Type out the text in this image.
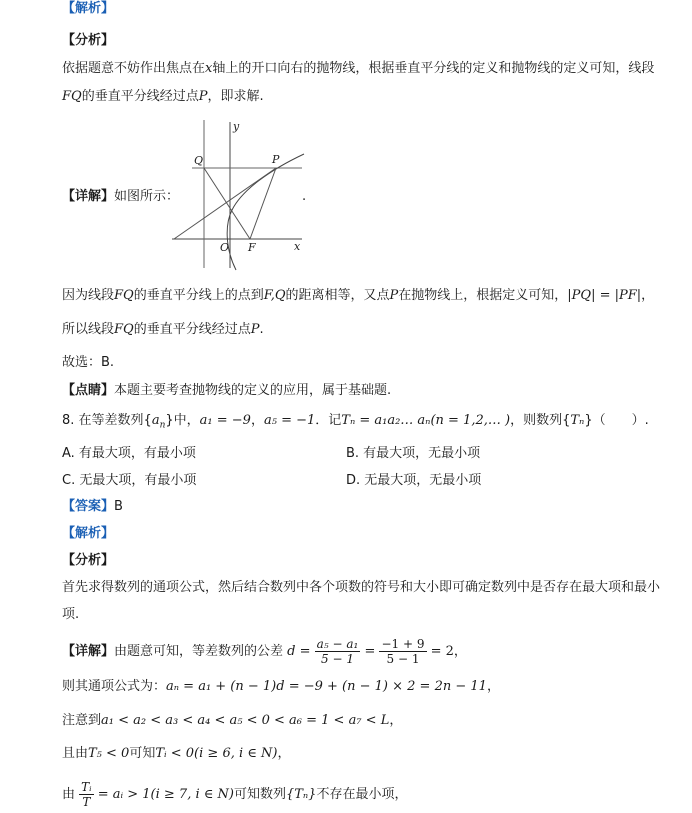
【解析】
【分析】
依据题意不妨作出焦点在x轴上的开口向右的抛物线，根据垂直平分线的定义和抛物线的定义可知，线段
FQ的垂直平分线经过点P，即求解.
【详解】如图所示：	.
y
x
Q	P
O F
因为线段FQ的垂直平分线上的点到F,Q的距离相等，又点P在抛物线上，根据定义可知，|PQ| = |PF|，
所以线段FQ的垂直平分线经过点P.
故选：B.
【点睛】本题主要考查抛物线的定义的应用，属于基础题.
8. 在等差数列$\{a_n\}$中，a₁ = −9，a₅ = −1．记Tₙ = a₁a₂… aₙ(n = 1,2,… )，则数列{Tₙ}（　　）.
A. 有最大项，有最小项	B. 有最大项，无最小项
C. 无最大项，有最小项	D. 无最大项，无最小项
【答案】B
【解析】
【分析】
首先求得数列的通项公式，然后结合数列中各个项数的符号和大小即可确定数列中是否存在最大项和最小
项.
【详解】由题意可知，等差数列的公差 $d = \frac{\text{a₅ − a₁}}{5 - 1} = \frac{-1 + 9}{5 - 1} = 2$，
则其通项公式为：aₙ = a₁ + (n − 1)d = −9 + (n − 1) × 2 = 2n − 11，
注意到a₁ < a₂ < a₃ < a₄ < a₅ < 0 < a₆ = 1 < a₇ < L，
且由T₅ < 0可知Tᵢ < 0(i ≥ 6, i ∈ N)，
由 $\frac{\text{Tᵢ}}{T}$ = aᵢ > 1(i ≥ 7, i ∈ N)可知数列{Tₙ}不存在最小项，
